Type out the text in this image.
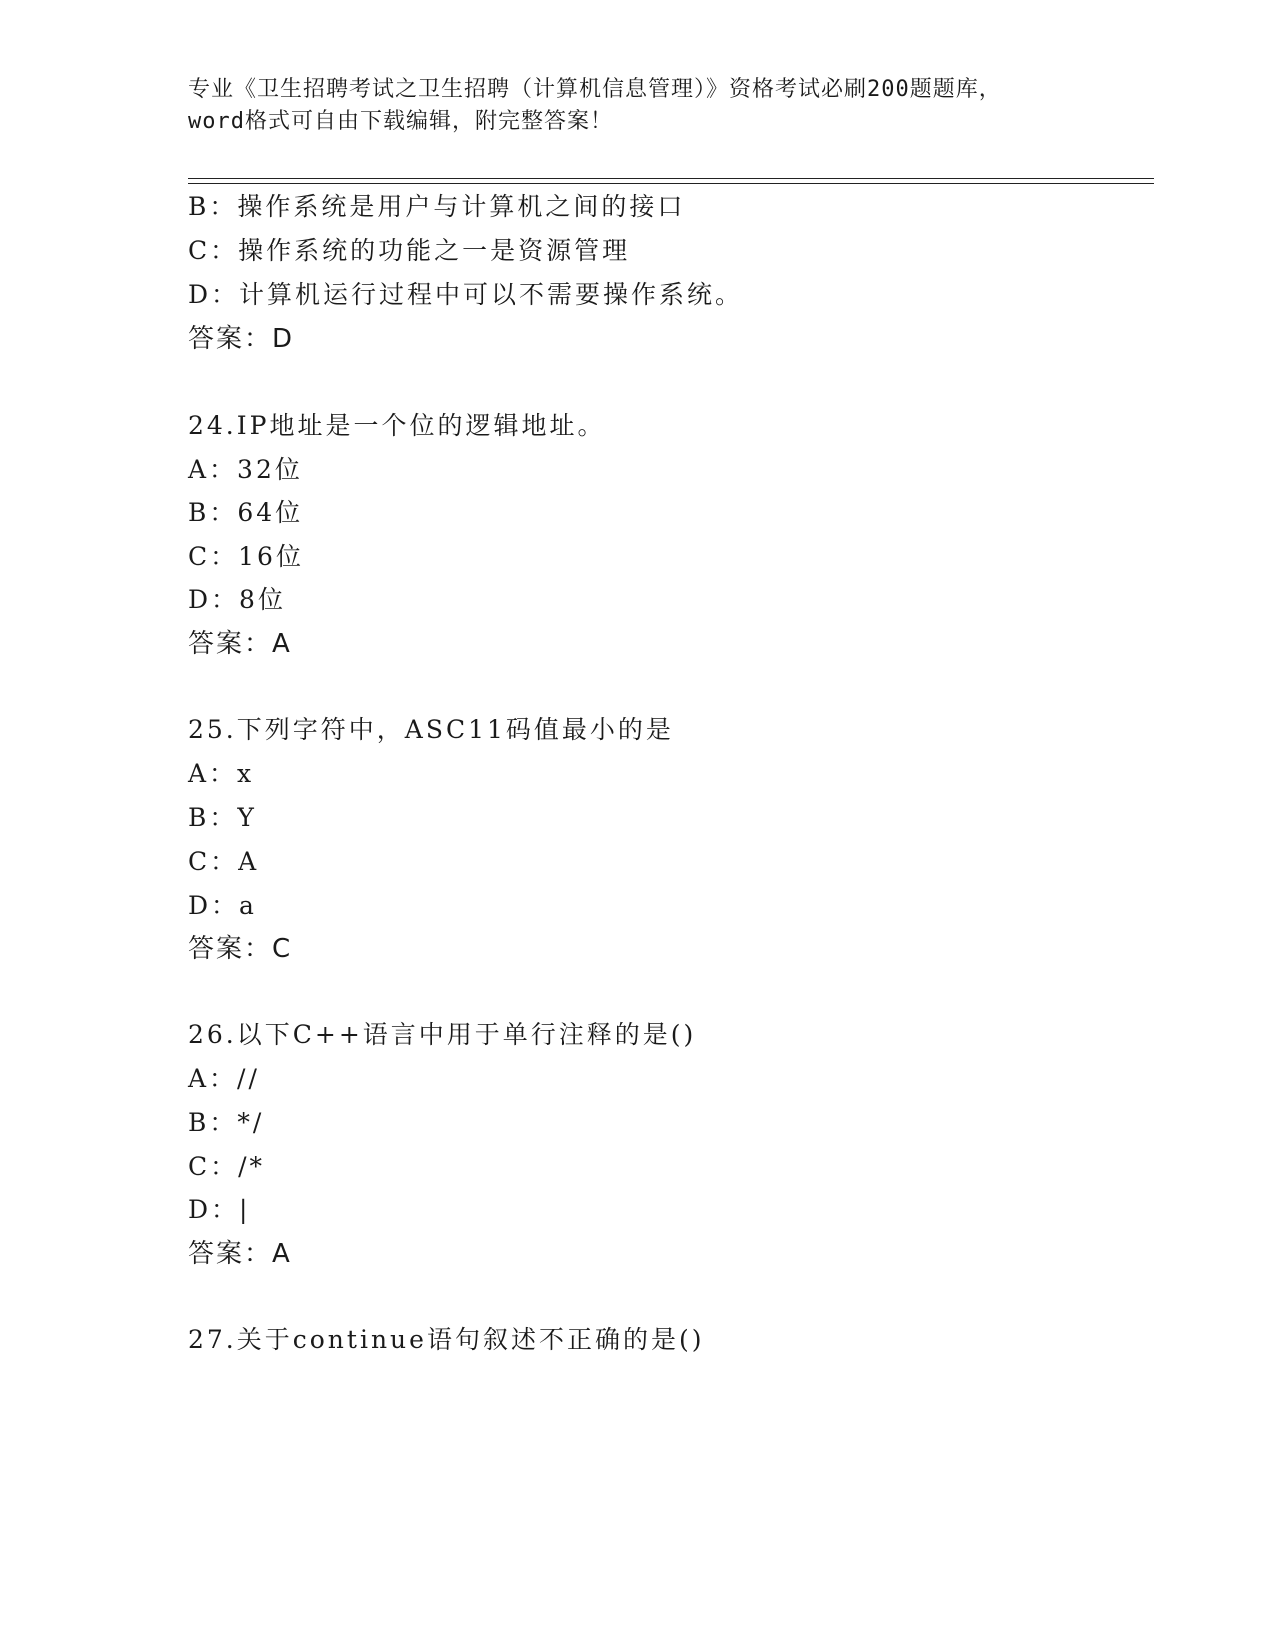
专业《卫生招聘考试之卫生招聘（计算机信息管理）》资格考试必刷200题题库，
word格式可自由下载编辑，附完整答案！
B：操作系统是用户与计算机之间的接口
C：操作系统的功能之一是资源管理
D：计算机运行过程中可以不需要操作系统。
答案：D
24.IP地址是一个位的逻辑地址。
A：32位
B：64位
C：16位
D：8位
答案：A
25.下列字符中，ASC11码值最小的是
A：x
B：Y
C：A
D：a
答案：C
26.以下C++语言中用于单行注释的是()
A：//
B：*/
C：/*
D：|
答案：A
27.关于continue语句叙述不正确的是()
